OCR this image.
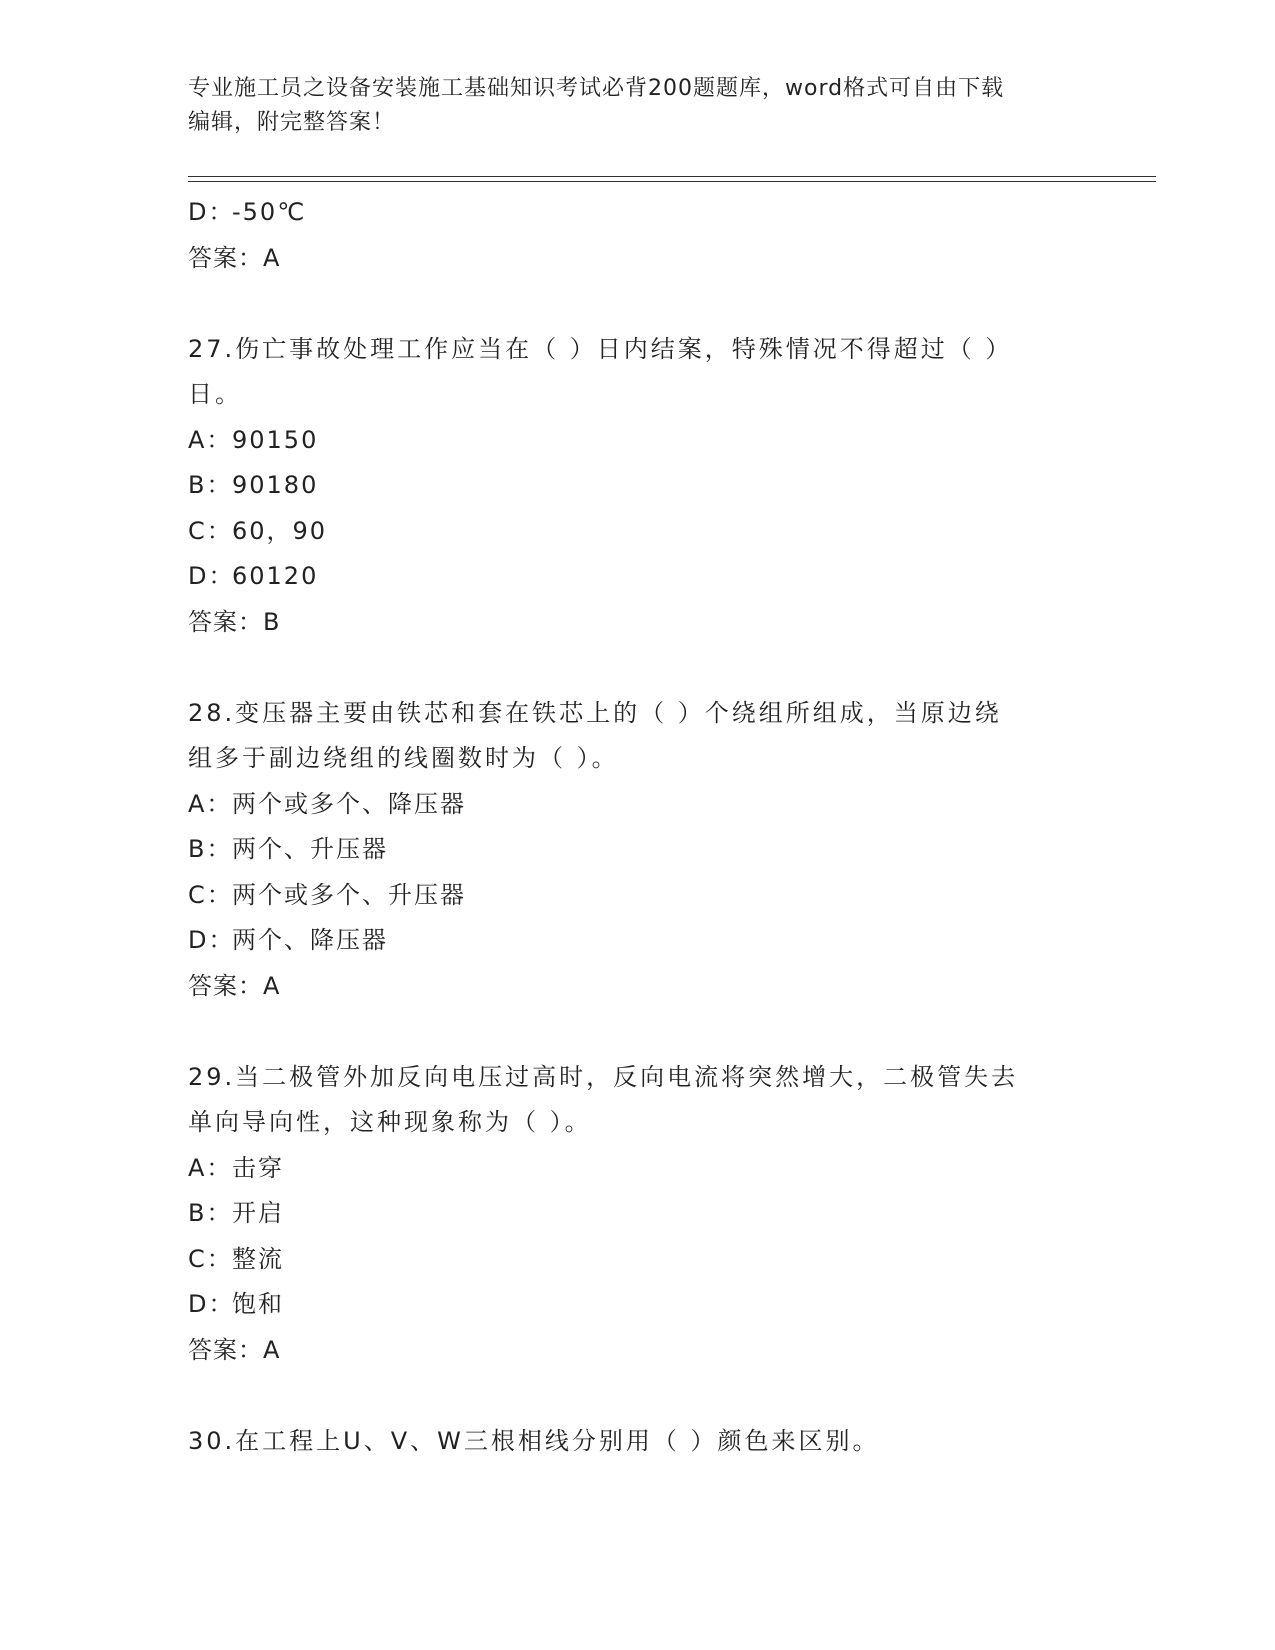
专业施工员之设备安装施工基础知识考试必背200题题库，word格式可自由下载
编辑，附完整答案！
D：-50℃
答案：A
27.伤亡事故处理工作应当在（ ）日内结案，特殊情况不得超过（ ）
日。
A：90150
B：90180
C：60，90
D：60120
答案：B
28.变压器主要由铁芯和套在铁芯上的（ ）个绕组所组成，当原边绕
组多于副边绕组的线圈数时为（ ）。
A：两个或多个、降压器
B：两个、升压器
C：两个或多个、升压器
D：两个、降压器
答案：A
29.当二极管外加反向电压过高时，反向电流将突然增大，二极管失去
单向导向性，这种现象称为（ ）。
A：击穿
B：开启
C：整流
D：饱和
答案：A
30.在工程上U、V、W三根相线分别用（ ）颜色来区别。
